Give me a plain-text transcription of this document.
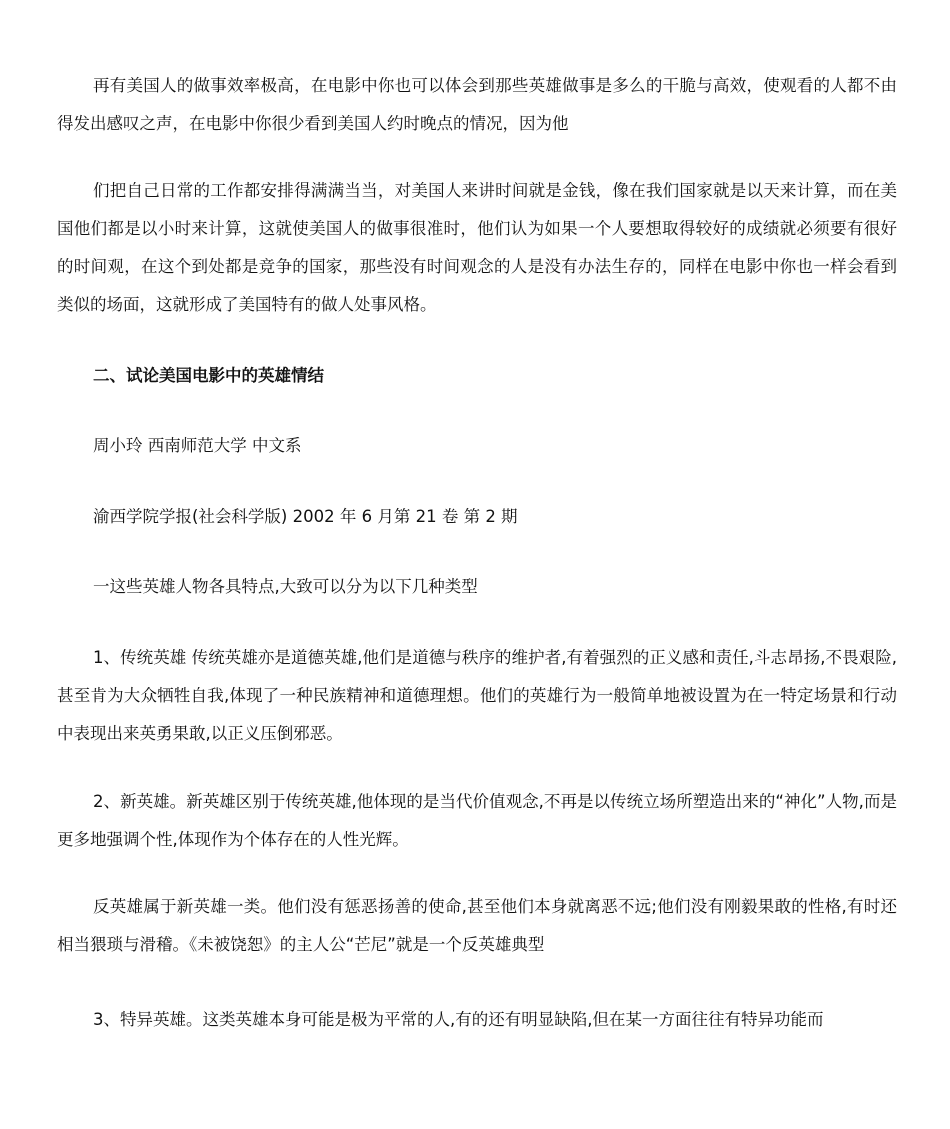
再有美国人的做事效率极高，在电影中你也可以体会到那些英雄做事是多么的干脆与高效，使观看的人都不由得发出感叹之声，在电影中你很少看到美国人约时晚点的情况，因为他

们把自己日常的工作都安排得满满当当，对美国人来讲时间就是金钱，像在我们国家就是以天来计算，而在美国他们都是以小时来计算，这就使美国人的做事很准时，他们认为如果一个人要想取得较好的成绩就必须要有很好的时间观，在这个到处都是竞争的国家，那些没有时间观念的人是没有办法生存的，同样在电影中你也一样会看到类似的场面，这就形成了美国特有的做人处事风格。

二、试论美国电影中的英雄情结

周小玲 西南师范大学 中文系

渝西学院学报(社会科学版) 2002 年 6 月第 21 卷 第 2 期

一这些英雄人物各具特点,大致可以分为以下几种类型

1、传统英雄 传统英雄亦是道德英雄,他们是道德与秩序的维护者,有着强烈的正义感和责任,斗志昂扬,不畏艰险,甚至肯为大众牺牲自我,体现了一种民族精神和道德理想。他们的英雄行为一般简单地被设置为在一特定场景和行动中表现出来英勇果敢,以正义压倒邪恶。

2、新英雄。新英雄区别于传统英雄,他体现的是当代价值观念,不再是以传统立场所塑造出来的“神化”人物,而是更多地强调个性,体现作为个体存在的人性光辉。

反英雄属于新英雄一类。他们没有惩恶扬善的使命,甚至他们本身就离恶不远;他们没有刚毅果敢的性格,有时还相当猥琐与滑稽。《未被饶恕》的主人公“芒尼”就是一个反英雄典型

3、特异英雄。这类英雄本身可能是极为平常的人,有的还有明显缺陷,但在某一方面往往有特异功能而
